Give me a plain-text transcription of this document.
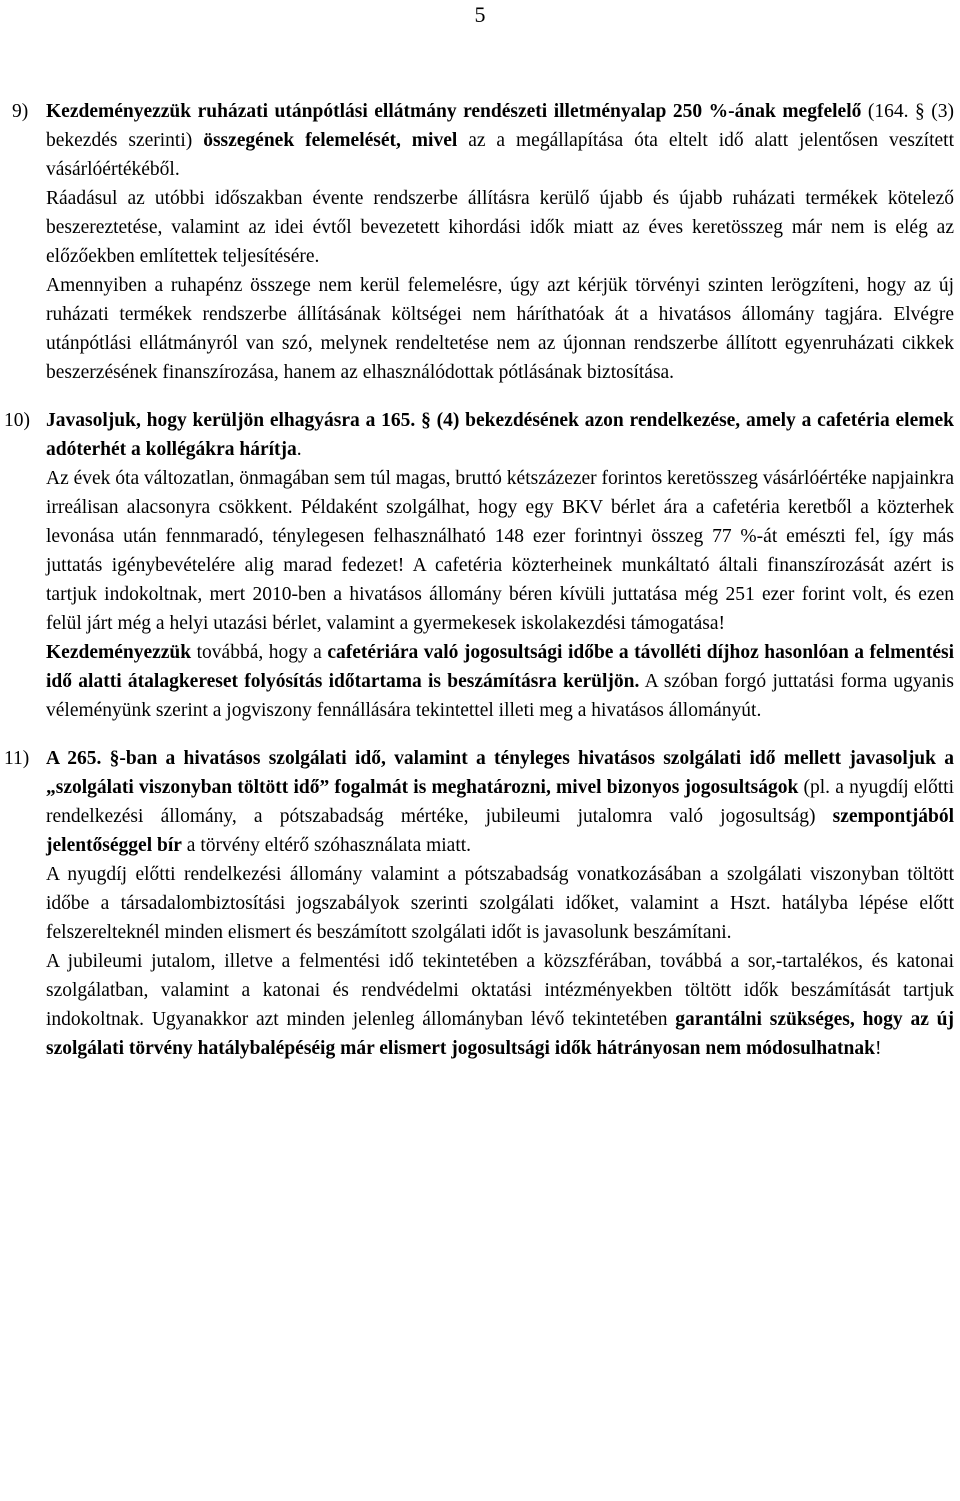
5
9) Kezdeményezzük ruházati utánpótlási ellátmány rendészeti illetményalap 250 %-ának megfelelő (164. § (3) bekezdés szerinti) összegének felemelését, mivel az a megállapítása óta eltelt idő alatt jelentősen veszített vásárlóértékéből.

Ráadásul az utóbbi időszakban évente rendszerbe állításra kerülő újabb és újabb ruházati termékek kötelező beszereztetése, valamint az idei évtől bevezetett kihordási idők miatt az éves keretösszeg már nem is elég az előzőekben említettek teljesítésére.

Amennyiben a ruhapénz összege nem kerül felemelésre, úgy azt kérjük törvényi szinten lerögzíteni, hogy az új ruházati termékek rendszerbe állításának költségei nem háríthatóak át a hivatásos állomány tagjára. Elvégre utánpótlási ellátmányról van szó, melynek rendeltetése nem az újonnan rendszerbe állított egyenruházati cikkek beszerzésének finanszírozása, hanem az elhasználódottak pótlásának biztosítása.

10) Javasoljuk, hogy kerüljön elhagyásra a 165. § (4) bekezdésének azon rendelkezése, amely a cafetéria elemek adóterhét a kollégákra hárítja.

Az évek óta változatlan, önmagában sem túl magas, bruttó kétszázezer forintos keretösszeg vásárlóértéke napjainkra irreálisan alacsonyra csökkent. Példaként szolgálhat, hogy egy BKV bérlet ára a cafetéria keretből a közterhek levonása után fennmaradó, ténylegesen felhasználható 148 ezer forintnyi összeg 77 %-át emészti fel, így más juttatás igénybevételére alig marad fedezet! A cafetéria közterheinek munkáltató általi finanszírozását azért is tartjuk indokoltnak, mert 2010-ben a hivatásos állomány béren kívüli juttatása még 251 ezer forint volt, és ezen felül járt még a helyi utazási bérlet, valamint a gyermekesek iskolakezdési támogatása!

Kezdeményezzük továbbá, hogy a cafetériára való jogosultsági időbe a távolléti díjhoz hasonlóan a felmentési idő alatti átalagkereset folyósítás időtartama is beszámításra kerüljön. A szóban forgó juttatási forma ugyanis véleményünk szerint a jogviszony fennállására tekintettel illeti meg a hivatásos állományút.

11) A 265. §-ban a hivatásos szolgálati idő, valamint a tényleges hivatásos szolgálati idő mellett javasoljuk a „szolgálati viszonyban töltött idő” fogalmát is meghatározni, mivel bizonyos jogosultságok (pl. a nyugdíj előtti rendelkezési állomány, a pótszabadság mértéke, jubileumi jutalomra való jogosultság) szempontjából jelentőséggel bír a törvény eltérő szóhasználata miatt.

A nyugdíj előtti rendelkezési állomány valamint a pótszabadság vonatkozásában a szolgálati viszonyban töltött időbe a társadalombiztosítási jogszabályok szerinti szolgálati időket, valamint a Hszt. hatályba lépése előtt felszerelteknél minden elismert és beszámított szolgálati időt is javasolunk beszámítani.

A jubileumi jutalom, illetve a felmentési idő tekintetében a közszférában, továbbá a sor,-tartalékos, és katonai szolgálatban, valamint a katonai és rendvédelmi oktatási intézményekben töltött idők beszámítását tartjuk indokoltnak. Ugyanakkor azt minden jelenleg állományban lévő tekintetében garantálni szükséges, hogy az új szolgálati törvény hatálybalépéséig már elismert jogosultsági idők hátrányosan nem módosulhatnak!
